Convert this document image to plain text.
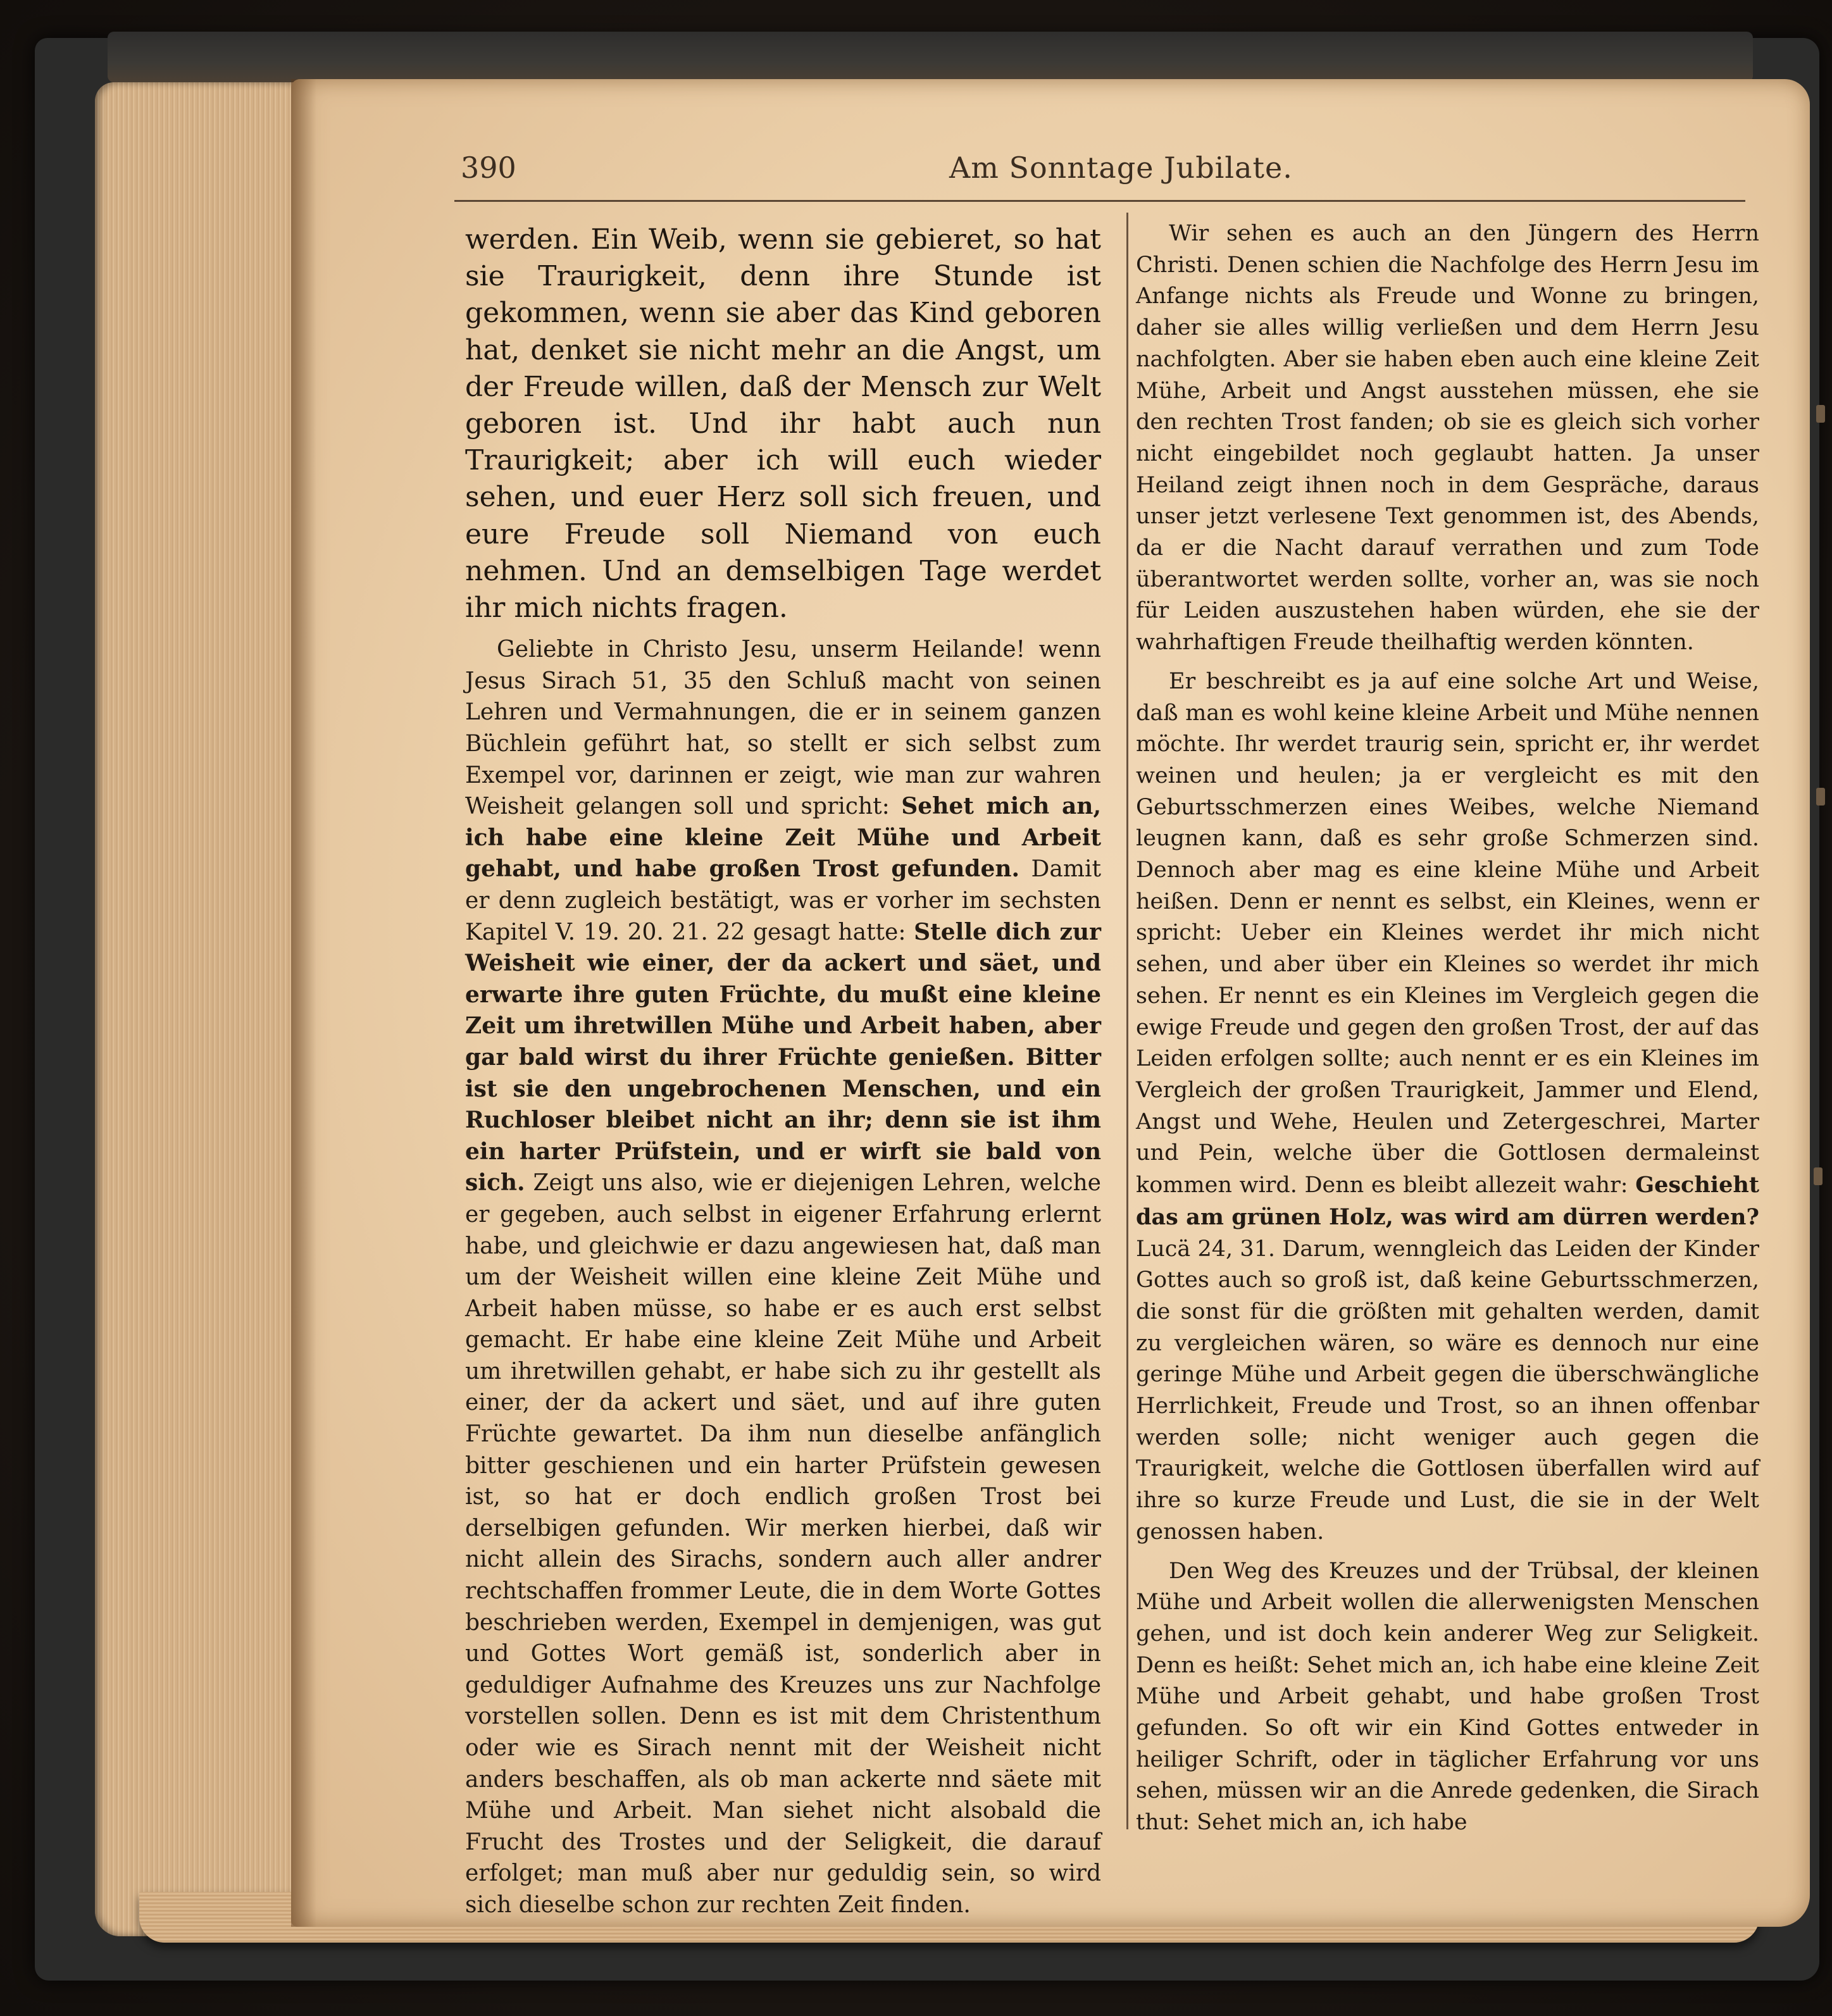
390	Am Sonntage Jubilate.

werden. Ein Weib, wenn sie gebieret, so hat sie Traurigkeit, denn ihre Stunde ist gekommen, wenn sie aber das Kind geboren hat, denket sie nicht mehr an die Angst, um der Freude willen, daß der Mensch zur Welt geboren ist. Und ihr habt auch nun Traurigkeit; aber ich will euch wieder sehen, und euer Herz soll sich freuen, und eure Freude soll Niemand von euch nehmen. Und an demselbigen Tage werdet ihr mich nichts fragen.

Geliebte in Christo Jesu, unserm Heilande! wenn Jesus Sirach 51, 35 den Schluß macht von seinen Lehren und Vermahnungen, die er in seinem ganzen Büchlein geführt hat, so stellt er sich selbst zum Exempel vor, darinnen er zeigt, wie man zur wahren Weisheit gelangen soll und spricht: Sehet mich an, ich habe eine kleine Zeit Mühe und Arbeit gehabt, und habe großen Trost gefunden. Damit er denn zugleich bestätigt, was er vorher im sechsten Kapitel V. 19. 20. 21. 22 gesagt hatte: Stelle dich zur Weisheit wie einer, der da ackert und säet, und erwarte ihre guten Früchte, du mußt eine kleine Zeit um ihretwillen Mühe und Arbeit haben, aber gar bald wirst du ihrer Früchte genießen. Bitter ist sie den ungebrochenen Menschen, und ein Ruchloser bleibet nicht an ihr; denn sie ist ihm ein harter Prüfstein, und er wirft sie bald von sich. Zeigt uns also, wie er diejenigen Lehren, welche er gegeben, auch selbst in eigener Erfahrung erlernt habe, und gleichwie er dazu angewiesen hat, daß man um der Weisheit willen eine kleine Zeit Mühe und Arbeit haben müsse, so habe er es auch erst selbst gemacht. Er habe eine kleine Zeit Mühe und Arbeit um ihretwillen gehabt, er habe sich zu ihr gestellt als einer, der da ackert und säet, und auf ihre guten Früchte gewartet. Da ihm nun dieselbe anfänglich bitter geschienen und ein harter Prüfstein gewesen ist, so hat er doch endlich großen Trost bei derselbigen gefunden. Wir merken hierbei, daß wir nicht allein des Sirachs, sondern auch aller andrer rechtschaffen frommer Leute, die in dem Worte Gottes beschrieben werden, Exempel in demjenigen, was gut und Gottes Wort gemäß ist, sonderlich aber in geduldiger Aufnahme des Kreuzes uns zur Nachfolge vorstellen sollen. Denn es ist mit dem Christenthum oder wie es Sirach nennt mit der Weisheit nicht anders beschaffen, als ob man ackerte nnd säete mit Mühe und Arbeit. Man siehet nicht alsobald die Frucht des Trostes und der Seligkeit, die darauf erfolget; man muß aber nur geduldig sein, so wird sich dieselbe schon zur rechten Zeit finden.

Wir sehen es auch an den Jüngern des Herrn Christi. Denen schien die Nachfolge des Herrn Jesu im Anfange nichts als Freude und Wonne zu bringen, daher sie alles willig verließen und dem Herrn Jesu nachfolgten. Aber sie haben eben auch eine kleine Zeit Mühe, Arbeit und Angst ausstehen müssen, ehe sie den rechten Trost fanden; ob sie es gleich sich vorher nicht eingebildet noch geglaubt hatten. Ja unser Heiland zeigt ihnen noch in dem Gespräche, daraus unser jetzt verlesene Text genommen ist, des Abends, da er die Nacht darauf verrathen und zum Tode überantwortet werden sollte, vorher an, was sie noch für Leiden auszustehen haben würden, ehe sie der wahrhaftigen Freude theilhaftig werden könnten.

Er beschreibt es ja auf eine solche Art und Weise, daß man es wohl keine kleine Arbeit und Mühe nennen möchte. Ihr werdet traurig sein, spricht er, ihr werdet weinen und heulen; ja er vergleicht es mit den Geburtsschmerzen eines Weibes, welche Niemand leugnen kann, daß es sehr große Schmerzen sind. Dennoch aber mag es eine kleine Mühe und Arbeit heißen. Denn er nennt es selbst, ein Kleines, wenn er spricht: Ueber ein Kleines werdet ihr mich nicht sehen, und aber über ein Kleines so werdet ihr mich sehen. Er nennt es ein Kleines im Vergleich gegen die ewige Freude und gegen den großen Trost, der auf das Leiden erfolgen sollte; auch nennt er es ein Kleines im Vergleich der großen Traurigkeit, Jammer und Elend, Angst und Wehe, Heulen und Zetergeschrei, Marter und Pein, welche über die Gottlosen dermaleinst kommen wird. Denn es bleibt allezeit wahr: Geschieht das am grünen Holz, was wird am dürren werden? Lucä 24, 31. Darum, wenngleich das Leiden der Kinder Gottes auch so groß ist, daß keine Geburtsschmerzen, die sonst für die größten mit gehalten werden, damit zu vergleichen wären, so wäre es dennoch nur eine geringe Mühe und Arbeit gegen die überschwängliche Herrlichkeit, Freude und Trost, so an ihnen offenbar werden solle; nicht weniger auch gegen die Traurigkeit, welche die Gottlosen überfallen wird auf ihre so kurze Freude und Lust, die sie in der Welt genossen haben.

Den Weg des Kreuzes und der Trübsal, der kleinen Mühe und Arbeit wollen die allerwenigsten Menschen gehen, und ist doch kein anderer Weg zur Seligkeit. Denn es heißt: Sehet mich an, ich habe eine kleine Zeit Mühe und Arbeit gehabt, und habe großen Trost gefunden. So oft wir ein Kind Gottes entweder in heiliger Schrift, oder in täglicher Erfahrung vor uns sehen, müssen wir an die Anrede gedenken, die Sirach thut: Sehet mich an, ich habe
